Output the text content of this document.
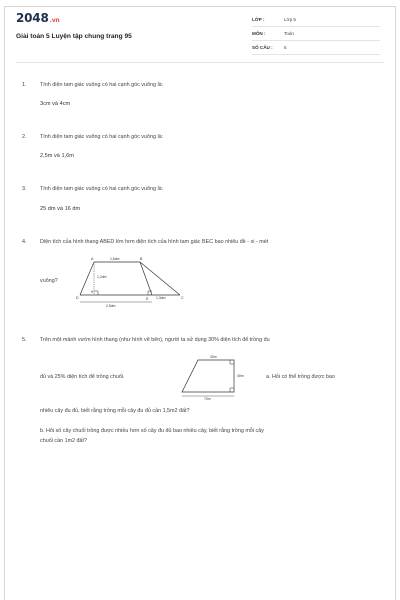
2048.vn
Giải toán 5 Luyện tập chung trang 95
LỚP :	Lớp 5
MÔN :	Toán
SỐ CÂU : 5
1.	Tính diện tam giác vuông có hai cạnh góc vuông là:
3cm và 4cm
2.	Tính diện tam giác vuông có hai cạnh góc vuông là:
2,5m và 1,6m
3.	Tính diện tam giác vuông có hai cạnh góc vuông là:
25 dm và 16 dm
4.	Diện tích của hình thang ABED lớn hơn diện tích của hình tam giác BEC bao nhiêu đề - xi - mét
vuông?
A	B
C
D	E
H
1,6dm
1,2dm
1,3dm
2,5dm
5.	Trên một mảnh vườn hình thang (như hình vẽ bên), người ta sử dụng 30% diện tích để trồng đu
đủ và 25% diện tích để trồng chuối.
30m
40m
70m
a. Hỏi có thể trồng được bao
nhiêu cây đu đủ, biết rằng trồng mỗi cây đu đủ cần 1,5m2 đất?
b. Hỏi số cây chuối trồng được nhiều hơn số cây đu đủ bao nhiêu cây, biết rằng trồng mỗi cây
chuối cần 1m2 đất?
